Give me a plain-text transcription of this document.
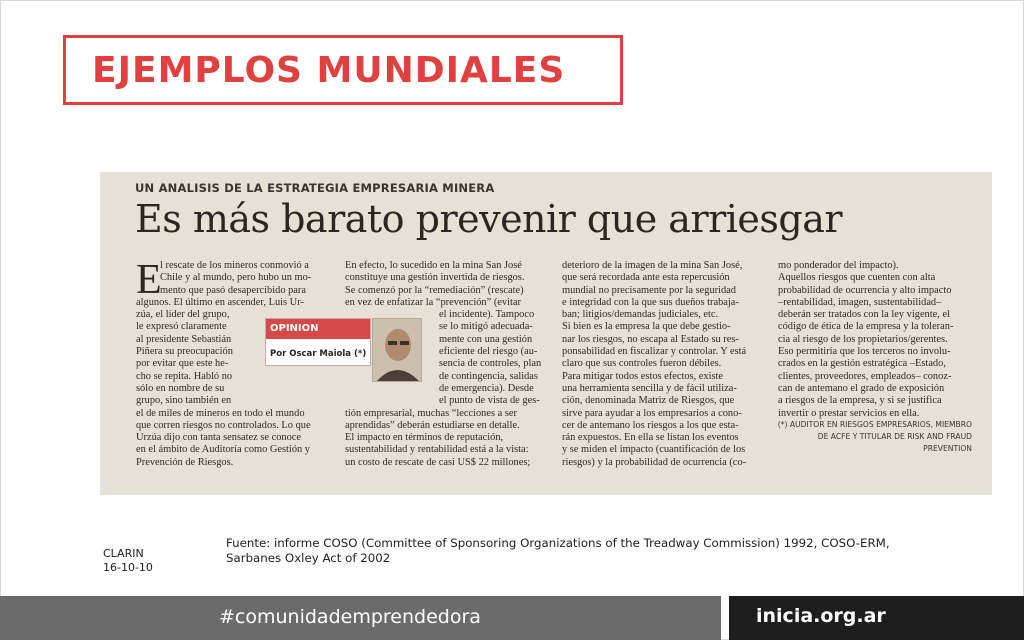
EJEMPLOS MUNDIALES
UN ANALISIS DE LA ESTRATEGIA EMPRESARIA MINERA
Es más barato prevenir que arriesgar
E
l rescate de los mineros conmovió a
Chile y al mundo, pero hubo un mo-
mento que pasó desapercibido para
algunos. El último en ascender, Luis Ur-
zúa, el líder del grupo,
le expresó claramente
al presidente Sebastián
Piñera su preocupación
por evitar que este he-
cho se repita. Habló no
sólo en nombre de su
grupo, sino también en
el de miles de mineros en todo el mundo
que corren riesgos no controlados. Lo que
Urzúa dijo con tanta sensatez se conoce
en el ámbito de Auditoría como Gestión y
Prevención de Riesgos.
En efecto, lo sucedido en la mina San José
constituye una gestión invertida de riesgos.
Se comenzó por la “remediación” (rescate)
en vez de enfatizar la “prevención” (evitar
el incidente). Tampoco
se lo mitigó adecuada-
mente con una gestión
eficiente del riesgo (au-
sencia de controles, plan
de contingencia, salidas
de emergencia). Desde
el punto de vista de ges-
tión empresarial, muchas “lecciones a ser
aprendidas” deberán estudiarse en detalle.
El impacto en términos de reputación,
sustentabilidad y rentabilidad está a la vista:
un costo de rescate de casi US$ 22 millones;
deterioro de la imagen de la mina San José,
que será recordada ante esta repercusión
mundial no precisamente por la seguridad
e integridad con la que sus dueños trabaja-
ban; litigios/demandas judiciales, etc.
Si bien es la empresa la que debe gestio-
nar los riesgos, no escapa al Estado su res-
ponsabilidad en fiscalizar y controlar. Y está
claro que sus controles fueron débiles.
Para mitigar todos estos efectos, existe
una herramienta sencilla y de fácil utiliza-
ción, denominada Matriz de Riesgos, que
sirve para ayudar a los empresarios a cono-
cer de antemano los riesgos a los que esta-
rán expuestos. En ella se listan los eventos
y se miden el impacto (cuantificación de los
riesgos) y la probabilidad de ocurrencia (co-
mo ponderador del impacto).
Aquellos riesgos que cuenten con alta
probabilidad de ocurrencia y alto impacto
–rentabilidad, imagen, sustentabilidad–
deberán ser tratados con la ley vigente, el
código de ética de la empresa y la toleran-
cia al riesgo de los propietarios/gerentes.
Eso permitiría que los terceros no involu-
crados en la gestión estratégica –Estado,
clientes, proveedores, empleados– conoz-
can de antemano el grado de exposición
a riesgos de la empresa, y si se justifica
invertir o prestar servicios en ella.
OPINION
Por Oscar Maiola (*)
(*) AUDITOR EN RIESGOS EMPRESARIOS, MIEMBRO
DE ACFE Y TITULAR DE RISK AND FRAUD
PREVENTION
CLARIN
16-10-10
Fuente: informe COSO (Committee of Sponsoring Organizations of the Treadway Commission) 1992, COSO-ERM, Sarbanes Oxley Act of 2002
#comunidademprendedora	inicia.org.ar
